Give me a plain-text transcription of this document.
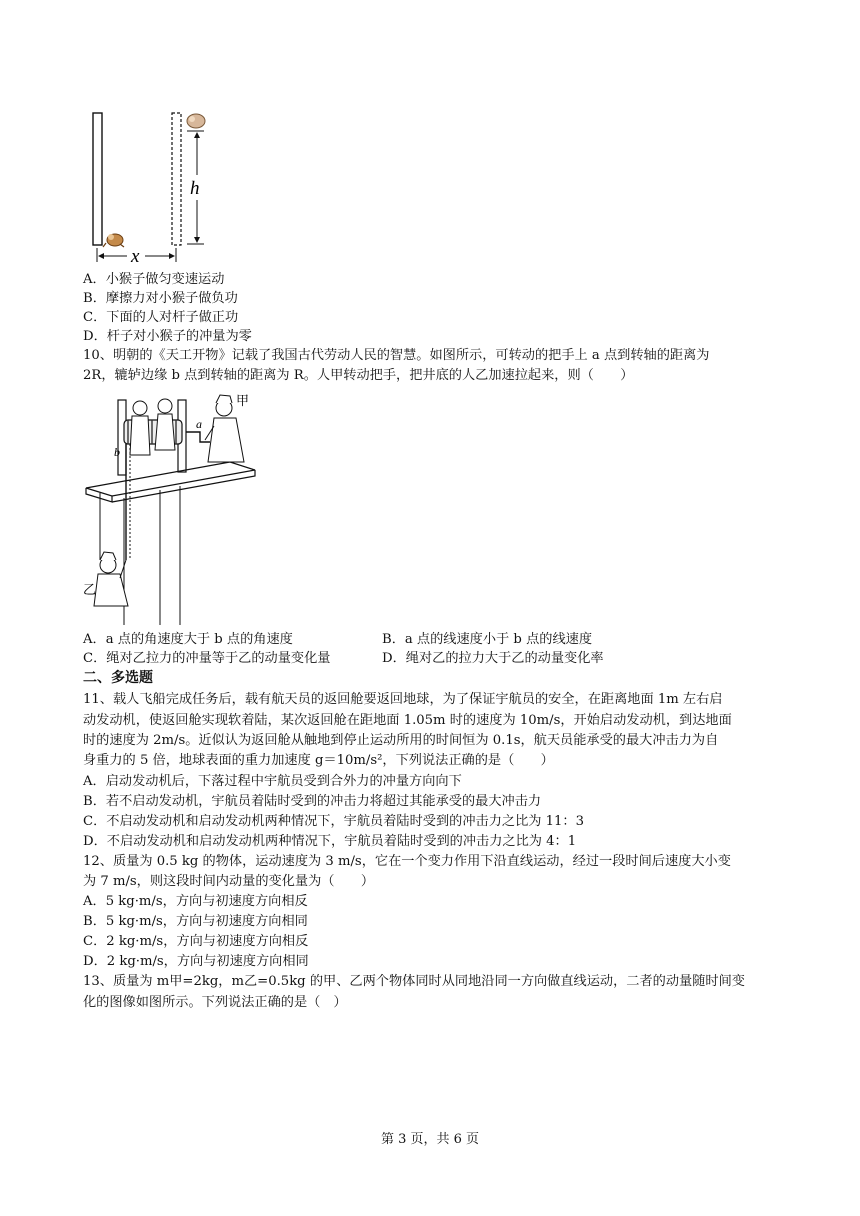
h
x
A．小猴子做匀变速运动
B．摩擦力对小猴子做负功
C．下面的人对杆子做正功
D．杆子对小猴子的冲量为零
10、明朝的《天工开物》记载了我国古代劳动人民的智慧。如图所示，可转动的把手上 a 点到转轴的距离为
2R，辘轳边缘 b 点到转轴的距离为 R。人甲转动把手，把井底的人乙加速拉起来，则（　　）
a
b
甲
乙
A．a 点的角速度大于 b 点的角速度	B．a 点的线速度小于 b 点的线速度
C．绳对乙拉力的冲量等于乙的动量变化量	D．绳对乙的拉力大于乙的动量变化率
二、多选题
11、载人飞船完成任务后，载有航天员的返回舱要返回地球，为了保证宇航员的安全，在距离地面 1m 左右启
动发动机，使返回舱实现软着陆，某次返回舱在距地面 1.05m 时的速度为 10m/s，开始启动发动机，到达地面
时的速度为 2m/s。近似认为返回舱从触地到停止运动所用的时间恒为 0.1s，航天员能承受的最大冲击力为自
身重力的 5 倍，地球表面的重力加速度 g＝10m/s²，下列说法正确的是（　　）
A．启动发动机后，下落过程中宇航员受到合外力的冲量方向向下
B．若不启动发动机，宇航员着陆时受到的冲击力将超过其能承受的最大冲击力
C．不启动发动机和启动发动机两种情况下，宇航员着陆时受到的冲击力之比为 11：3
D．不启动发动机和启动发动机两种情况下，宇航员着陆时受到的冲击力之比为 4：1
12、质量为 0.5 kg 的物体，运动速度为 3 m/s，它在一个变力作用下沿直线运动，经过一段时间后速度大小变
为 7 m/s，则这段时间内动量的变化量为（　　）
A．5 kg·m/s，方向与初速度方向相反
B．5 kg·m/s，方向与初速度方向相同
C．2 kg·m/s，方向与初速度方向相反
D．2 kg·m/s，方向与初速度方向相同
13、质量为 m甲=2kg，m乙=0.5kg 的甲、乙两个物体同时从同地沿同一方向做直线运动，二者的动量随时间变
化的图像如图所示。下列说法正确的是（　）
第 3 页，共 6 页
